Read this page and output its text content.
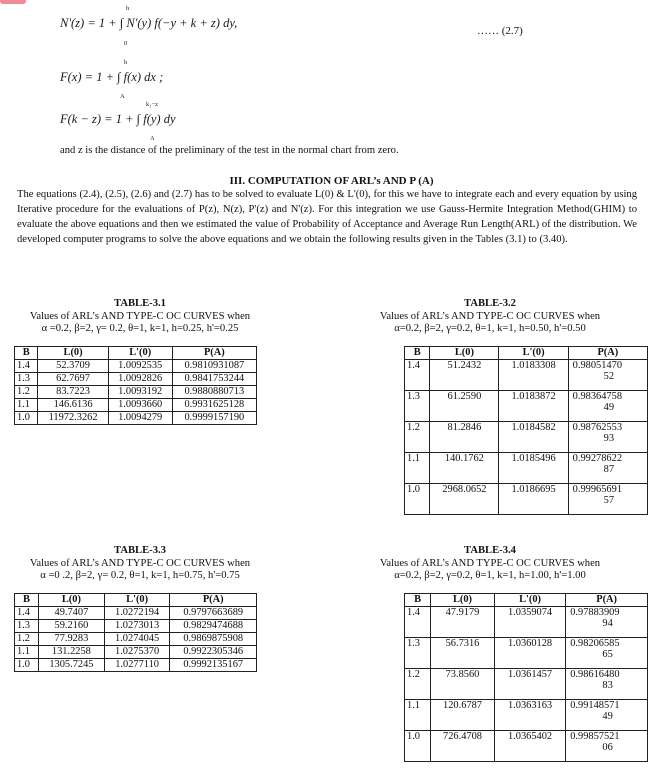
N'(z) = 1 + ∫ N'(y) f(−y + k + z) dy,
h
0
…… (2.7)
F(x) = 1 + ∫ f(x) dx ;
h
A
F(k − z) = 1 + ∫ f(y) dy
k₁−z
A
and z is the distance of the preliminary of the test in the normal chart from zero.
III. COMPUTATION OF ARL’s AND P (A)
The equations (2.4), (2.5), (2.6) and (2.7) has to be solved to evaluate L(0) & L'(0), for this we have to integrate each and every equation by using Iterative procedure for the evaluations of P(z), N(z), P'(z) and N'(z). For this integration we use Gauss-Hermite Integration Method(GHIM) to evaluate the above equations and then we estimated the value of Probability of Acceptance and Average Run Length(ARL) of the distribution. We developed computer programs to solve the above equations and we obtain the following results given in the Tables (3.1) to (3.40).
TABLE-3.1
Values of ARL’s AND TYPE-C OC CURVES when
α =0.2, β=2, γ= 0.2, θ=1, k=1, h=0.25, h'=0.25
B	L(0)	L'(0)	P(A)
1.4	52.3709	1.0092535	0.9810931087
1.3	62.7697	1.0092826	0.9841753244
1.2	83.7223	1.0093192	0.9880880713
1.1	146.6136	1.0093660	0.9931625128
1.0	11972.3262	1.0094279	0.9999157190
TABLE-3.2
Values of ARL’s AND TYPE-C OC CURVES when
α=0.2, β=2, γ=0.2, θ=1, k=1, h=0.50, h'=0.50
B	L(0)	L'(0)	P(A)
1.4	51.2432	1.0183308	0.98051470
52
1.3	61.2590	1.0183872	0.98364758
49
1.2	81.2846	1.0184582	0.98762553
93
1.1	140.1762	1.0185496	0.99278622
87
1.0	2968.0652	1.0186695	0.99965691
57
TABLE-3.3
Values of ARL’s AND TYPE-C OC CURVES when
α =0 .2, β=2, γ= 0.2, θ=1, k=1, h=0.75, h'=0.75
B	L(0)	L'(0)	P(A)
1.4	49.7407	1.0272194	0.9797663689
1.3	59.2160	1.0273013	0.9829474688
1.2	77.9283	1.0274045	0.9869875908
1.1	131.2258	1.0275370	0.9922305346
1.0	1305.7245	1.0277110	0.9992135167
TABLE-3.4
Values of ARL’s AND TYPE-C OC CURVES when
α=0.2, β=2, γ=0.2, θ=1, k=1, h=1.00, h'=1.00
B	L(0)	L'(0)	P(A)
1.4	47.9179	1.0359074	0.97883909
94
1.3	56.7316	1.0360128	0.98206585
65
1.2	73.8560	1.0361457	0.98616480
83
1.1	120.6787	1.0363163	0.99148571
49
1.0	726.4708	1.0365402	0.99857521
06
